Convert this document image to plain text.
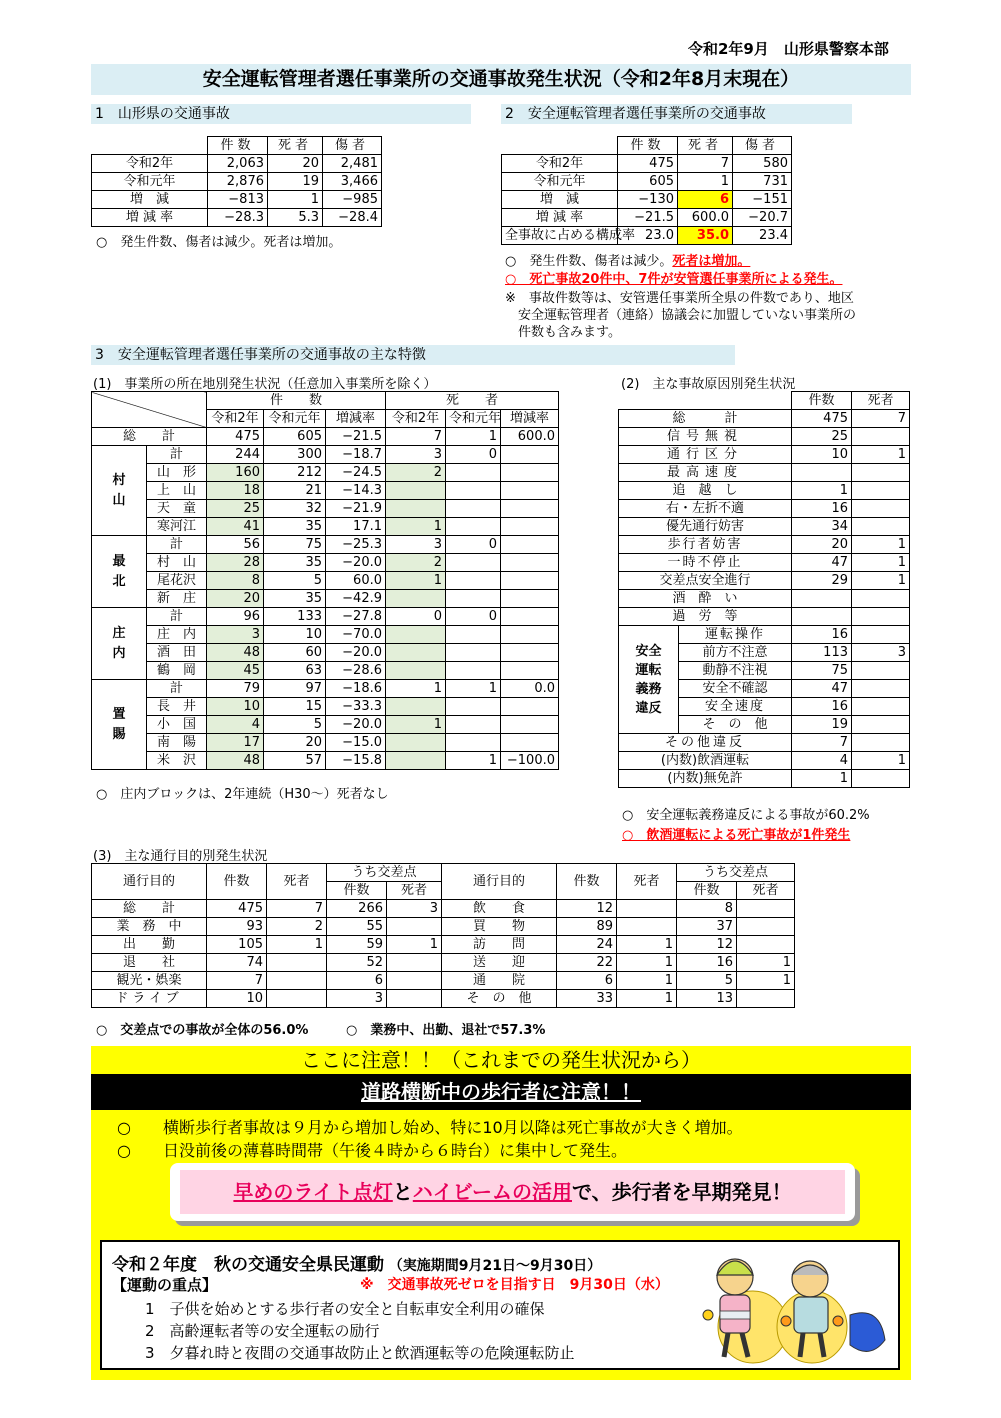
令和2年9月　山形県警察本部
安全運転管理者選任事業所の交通事故発生状況（令和2年8月末現在）
1　山形県の交通事故
	件数	死者	傷者
令和2年	2,063	20	2,481
令和元年	2,876	19	3,466
増　減	−813	1	−985
増 減 率	−28.3	5.3	−28.4
○　発生件数、傷者は減少。死者は増加。
2　安全運転管理者選任事業所の交通事故
	件数	死者	傷者
令和2年	475	7	580
令和元年	605	1	731
増　減	−130	6	−151
増 減 率	−21.5	600.0	−20.7
全事故に占める構成率	23.0	35.0	23.4
○　発生件数、傷者は減少。死者は増加。
○　死亡事故20件中、7件が安管選任事業所による発生。
※　事故件数等は、安管選任事業所全県の件数であり、地区
　安全運転管理者（連絡）協議会に加盟していない事業所の
　件数も含みます。
3　安全運転管理者選任事業所の交通事故の主な特徴
(1)　事業所の所在地別発生状況（任意加入事業所を除く）
		件　　数			死　　者		
		令和2年	令和元年	増減率	令和2年	令和元年	増減率
総　　計		475	605	−21.5	7	1	600.0
村山	計	244	300	−18.7	3	0	
	山　形	160	212	−24.5	2		
	上　山	18	21	−14.3			
	天　童	25	32	−21.9			
	寒河江	41	35	17.1	1		
最北	計	56	75	−25.3	3	0	
	村　山	28	35	−20.0	2		
	尾花沢	8	5	60.0	1		
	新　庄	20	35	−42.9			
庄内	計	96	133	−27.8	0	0	
	庄　内	3	10	−70.0			
	酒　田	48	60	−20.0			
	鶴　岡	45	63	−28.6			
置賜	計	79	97	−18.6	1	1	0.0
	長　井	10	15	−33.3			
	小　国	4	5	−20.0	1		
	南　陽	17	20	−15.0			
	米　沢	48	57	−15.8		1	−100.0
○　庄内ブロックは、2年連続（H30～）死者なし
(2)　主な事故原因別発生状況
		件数	死者
総　　　計		475	7
信号無視		25	
通行区分		10	1
最高速度			
追　越　し		1	
右・左折不適		16	
優先通行妨害		34	
歩行者妨害		20	1
一時不停止		47	1
交差点安全進行		29	1
酒　酔　い			
過　労　等			
安全運転義務違反	運転操作	16	
	前方不注意	113	3
	動静不注視	75	
	安全不確認	47	
	安全速度	16	
	そ　の　他	19	
その他違反		7	
(内数)飲酒運転		4	1
(内数)無免許		1	
○　安全運転義務違反による事故が60.2%
○　飲酒運転による死亡事故が1件発生
(3)　主な通行目的別発生状況
通行目的	件数	死者	うち交差点		通行目的	件数	死者	うち交差点	
			件数	死者				件数	死者
総　　計	475	7	266	3	飲　　食	12		8	
業　務　中	93	2	55		買　　物	89		37	
出　　勤	105	1	59	1	訪　　問	24	1	12	
退　　社	74		52		送　　迎	22	1	16	1
観光・娯楽	7		6		通　　院	6	1	5	1
ドライブ	10		3		そ　の　他	33	1	13	
○　交差点での事故が全体の56.0%	○　業務中、出勤、退社で57.3%
ここに注意！！（これまでの発生状況から）
道路横断中の歩行者に注意！！
○　　横断歩行者事故は９月から増加し始め、特に10月以降は死亡事故が大きく増加。
○　　日没前後の薄暮時間帯（午後４時から６時台）に集中して発生。
早めのライト点灯とハイビームの活用で、歩行者を早期発見！
令和２年度　秋の交通安全県民運動 （実施期間9月21日～9月30日）
【運動の重点】	※　交通事故死ゼロを目指す日　9月30日（水）
1　子供を始めとする歩行者の安全と自転車安全利用の確保
2　高齢運転者等の安全運転の励行
3　夕暮れ時と夜間の交通事故防止と飲酒運転等の危険運転防止
